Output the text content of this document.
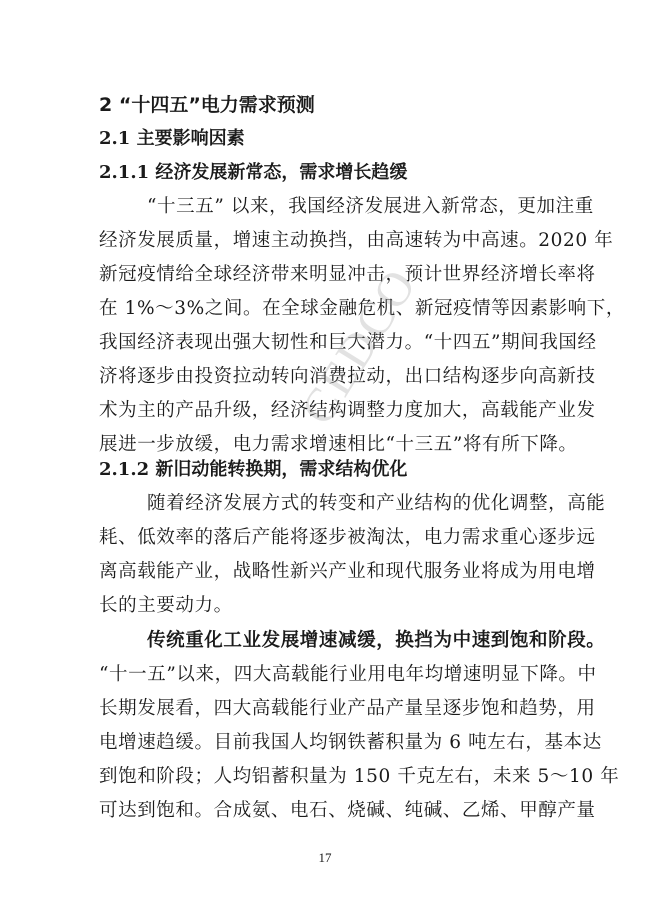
2 “十四五”电力需求预测
2.1 主要影响因素
2.1.1 经济发展新常态，需求增长趋缓
“十三五” 以来，我国经济发展进入新常态，更加注重
经济发展质量，增速主动换挡，由高速转为中高速。2020 年
新冠疫情给全球经济带来明显冲击，预计世界经济增长率将
在 1%～3%之间。在全球金融危机、新冠疫情等因素影响下，
我国经济表现出强大韧性和巨大潜力。“十四五”期间我国经
济将逐步由投资拉动转向消费拉动，出口结构逐步向高新技
术为主的产品升级，经济结构调整力度加大，高载能产业发
展进一步放缓，电力需求增速相比“十三五”将有所下降。
2.1.2 新旧动能转换期，需求结构优化
随着经济发展方式的转变和产业结构的优化调整，高能
耗、低效率的落后产能将逐步被淘汰，电力需求重心逐步远
离高载能产业，战略性新兴产业和现代服务业将成为用电增
长的主要动力。
传统重化工业发展增速减缓，换挡为中速到饱和阶段。
“十一五”以来，四大高载能行业用电年均增速明显下降。中
长期发展看，四大高载能行业产品产量呈逐步饱和趋势，用
电增速趋缓。目前我国人均钢铁蓄积量为 6 吨左右，基本达
到饱和阶段；人均铝蓄积量为 150 千克左右，未来 5～10 年
可达到饱和。合成氨、电石、烧碱、纯碱、乙烯、甲醇产量
17
CEDCO
